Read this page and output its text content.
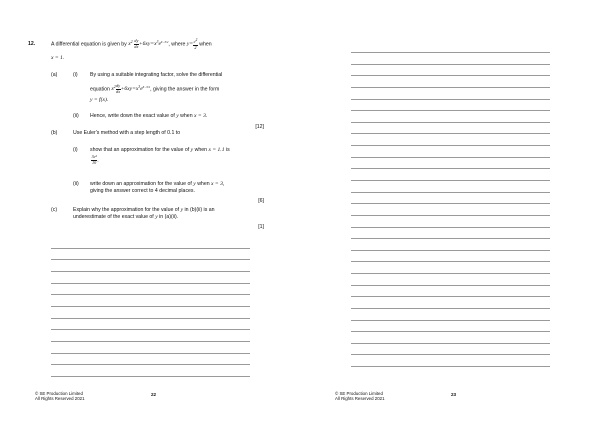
12.	A differential equation is given by $x^2 \frac{dy}{dx} +6xy=x^3e^{x-3/2}$, where $y= \frac{e2}{2}$ when
x = 1.
(a)	(i) By using a suitable integrating factor, solve the differential
equation $x^2 \frac{dy}{dx} +6xy=x^3e^{x-3/2}$, giving the answer in the form
y = f(x).
(ii) Hence, write down the exact value of y when x = 3.
[12]
(b)	Use Euler's method with a step length of 0.1 to
(i) show that an approximation for the value of y when x = 1.1 is
$\frac{\text{3e²}}{10}$ .
(ii) write down an approximation for the value of y when x = 3,
giving the answer correct to 4 decimal places.
[6]
(c)	Explain why the approximation for the value of y in (b)(ii) is an
underestimate of the exact value of y in (a)(ii).
[1]
© SE Production Limited
All Rights Reserved 2021
22	© SE Production Limited
All Rights Reserved 2021
23
